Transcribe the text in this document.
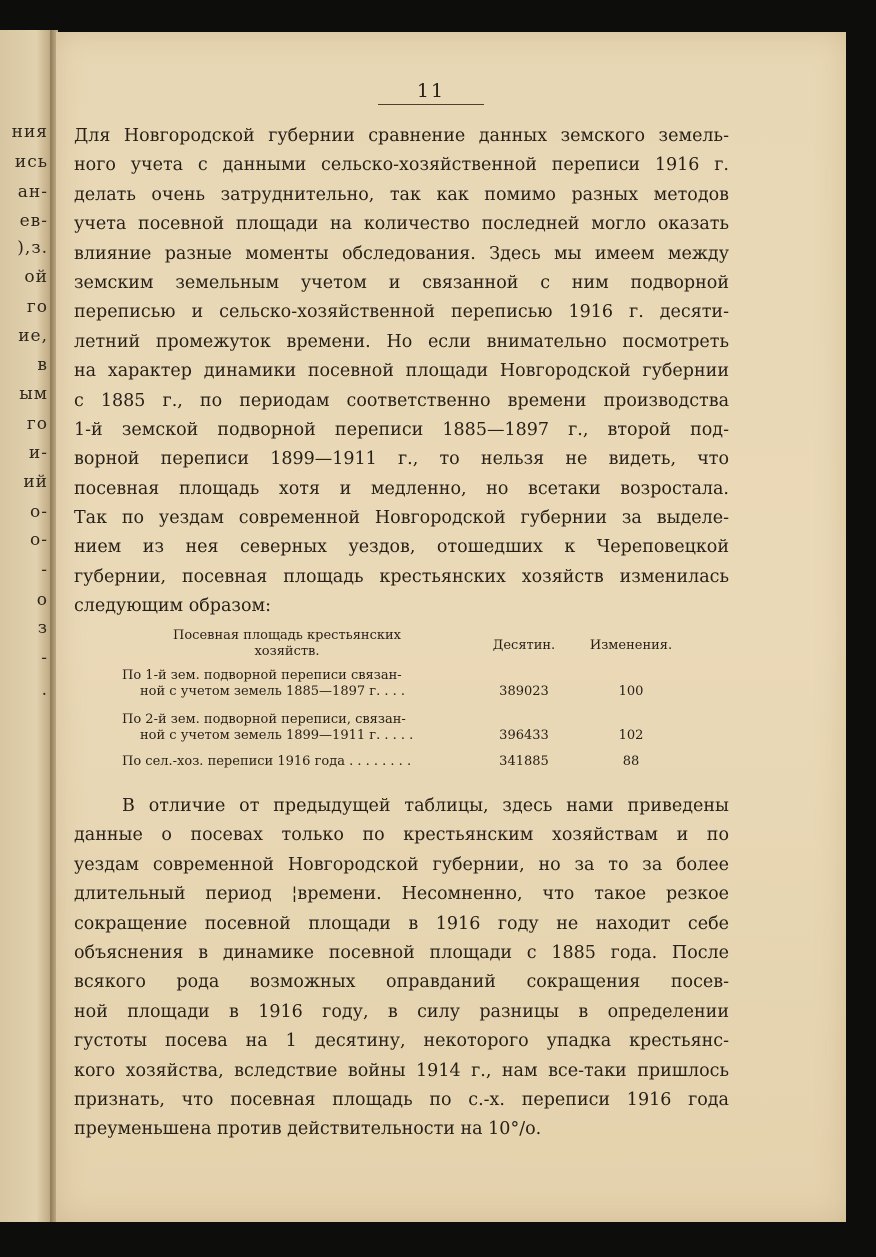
ния
ись
ан-
ев-
),з.
ой
го
ие,
в
ым
го
и-
ий
о-
о-
-
о
з
-
.
11
Для Новгородской губернии сравнение данных земского земель-
ного учета с данными сельско-хозяйственной переписи 1916 г.
делать очень затруднительно, так как помимо разных методов
учета посевной площади на количество последней могло оказать
влияние разные моменты обследования. Здесь мы имеем между
земским земельным учетом и связанной с ним подворной
переписью и сельско-хозяйственной переписью 1916 г. десяти-
летний промежуток времени. Но если внимательно посмотреть
на характер динамики посевной площади Новгородской губернии
с 1885 г., по периодам соответственно времени производства
1-й земской подворной переписи 1885—1897 г., второй под-
ворной переписи 1899—1911 г., то нельзя не видеть, что
посевная площадь хотя и медленно, но всетаки возростала.
Так по уездам современной Новгородской губернии за выделе-
нием из нея северных уездов, отошедших к Череповецкой
губернии, посевная площадь крестьянских хозяйств изменилась
следующим образом:
Посевная площадь крестьянских
хозяйств.	Десятин.	Изменения.
По 1-й зем. подворной переписи связан-
ной с учетом земель 1885—1897 г. . . .	389023	100
По 2-й зем. подворной переписи, связан-
ной с учетом земель 1899—1911 г. . . . .	396433	102
По сел.-хоз. переписи 1916 года . . . . . . . .	341885	88
В отличие от предыдущей таблицы, здесь нами приведены
данные о посевах только по крестьянским хозяйствам и по
уездам современной Новгородской губернии, но за то за более
длительный период ¦времени. Несомненно, что такое резкое
сокращение посевной площади в 1916 году не находит себе
объяснения в динамике посевной площади с 1885 года. После
всякого рода возможных оправданий сокращения посев-
ной площади в 1916 году, в силу разницы в определении
густоты посева на 1 десятину, некоторого упадка крестьянс-
кого хозяйства, вследствие войны 1914 г., нам все-таки пришлось
признать, что посевная площадь по с.-х. переписи 1916 года
преуменьшена против действительности на 10°/о.
